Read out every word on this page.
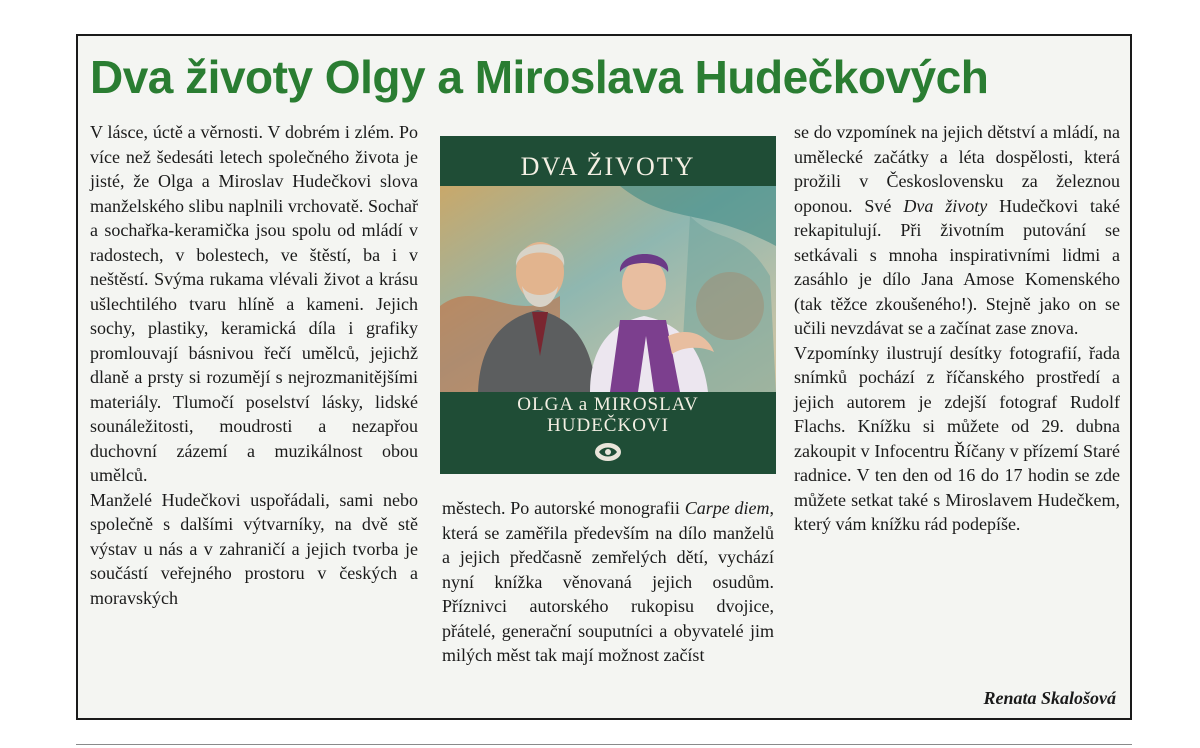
Dva životy Olgy a Miroslava Hudečkových

V lásce, úctě a věrnosti. V dobrém i zlém. Po více než šedesáti letech společného života je jisté, že Olga a Miroslav Hudečkovi slova manželského slibu naplnili vrchovatě. Sochař a sochařka-keramička jsou spolu od mládí v radostech, v bolestech, ve štěstí, ba i v neštěstí. Svýma rukama vlévali život a krásu ušlechtilého tvaru hlíně a kameni. Jejich sochy, plastiky, keramická díla i grafiky promlouvají básnivou řečí umělců, jejichž dlaně a prsty si rozumějí s nejrozmanitějšími materiály. Tlumočí poselství lásky, lidské sounáležitosti, moudrosti a nezapřou duchovní zázemí a muzikálnost obou umělců.

Manželé Hudečkovi uspořádali, sami nebo společně s dalšími výtvarníky, na dvě stě výstav u nás a v zahraničí a jejich tvorba je součástí veřejného prostoru v českých a moravských

DVA ŽIVOTY
OLGA a MIROSLAV
HUDEČKOVI

městech. Po autorské monografii Carpe diem, která se zaměřila především na dílo manželů a jejich předčasně zemřelých dětí, vychází nyní knížka věnovaná jejich osudům. Příznivci autorského rukopisu dvojice, přátelé, generační souputníci a obyvatelé jim milých měst tak mají možnost začíst

se do vzpomínek na jejich dětství a mládí, na umělecké začátky a léta dospělosti, která prožili v Československu za železnou oponou. Své Dva životy Hudečkovi také rekapitulují. Při životním putování se setkávali s mnoha inspirativními lidmi a zasáhlo je dílo Jana Amose Komenského (tak těžce zkoušeného!). Stejně jako on se učili nevzdávat se a začínat zase znova.

Vzpomínky ilustrují desítky fotografií, řada snímků pochází z říčanského prostředí a jejich autorem je zdejší fotograf Rudolf Flachs. Knížku si můžete od 29. dubna zakoupit v Infocentru Říčany v přízemí Staré radnice. V ten den od 16 do 17 hodin se zde můžete setkat také s Miroslavem Hudečkem, který vám knížku rád podepíše.

Renata Skalošová
